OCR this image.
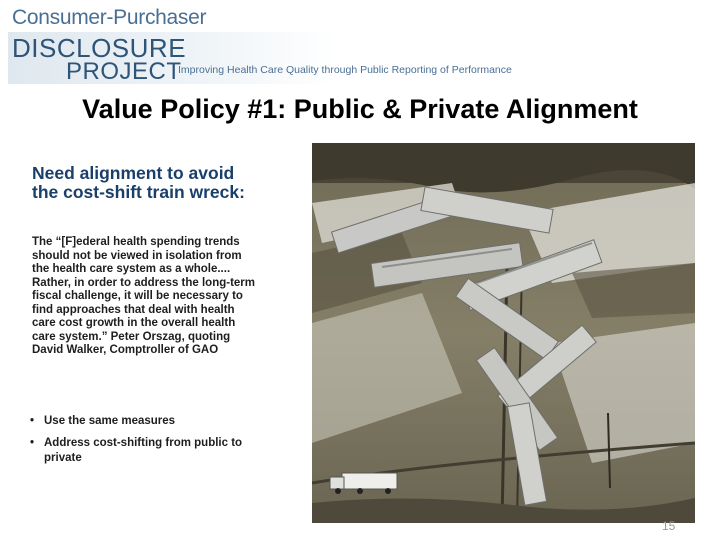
Consumer-Purchaser
DISCLOSURE
PROJECT
Improving Health Care Quality through Public Reporting of Performance
Value Policy #1: Public & Private Alignment
Need alignment to avoid the cost-shift train wreck:
The “[F]ederal health spending trends should not be viewed in isolation from the health care system as a whole.... Rather, in order to address the long-term fiscal challenge, it will be necessary to find approaches that deal with health care cost growth in the overall health care system.” Peter Orszag, quoting David Walker, Comptroller of GAO
• Use the same measures
• Address cost-shifting from public to private
15
